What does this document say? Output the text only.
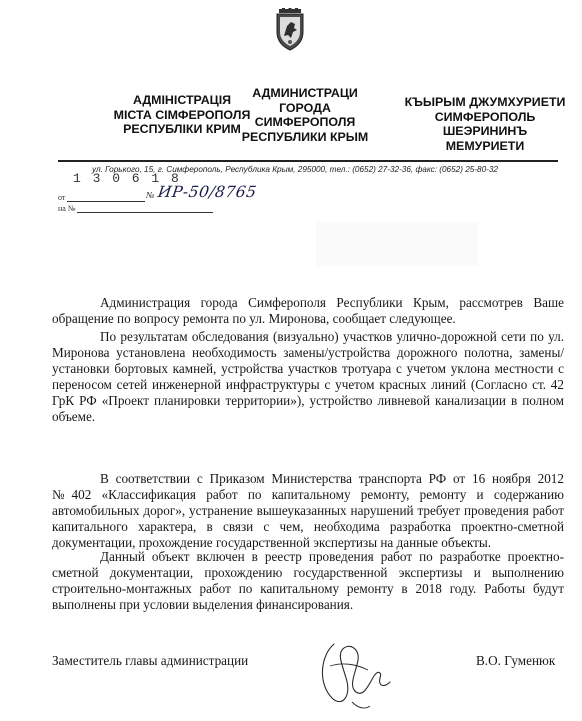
АДМІНІСТРАЦІЯ
МІСТА СІМФЕРОПОЛЯ
РЕСПУБЛІКИ КРИМ
АДМИНИСТРАЦИ
ГОРОДА
СИМФЕРОПОЛЯ
РЕСПУБЛИКИ КРЫМ
КЪЫРЫМ ДЖУМХУРИЕТИ
СИМФЕРОПОЛЬ
ШЕЭРИНИНЪ
МЕМУРИЕТИ
ул. Горького, 15, г. Симферополь, Республика Крым, 295000, тел.: (0652) 27-32-36, факс: (0652) 25-80-32
1 3 0 6 1 8
от	№ ИР-50/8765
на №

Администрация города Симферополя Республики Крым, рассмотрев Ваше обращение по вопросу ремонта по ул. Миронова, сообщает следующее.

По результатам обследования (визуально) участков улично-дорожной сети по ул. Миронова установлена необходимость замены/устройства дорожного полотна, замены/установки бортовых камней, устройства участков тротуара с учетом уклона местности с переносом сетей инженерной инфраструктуры с учетом красных линий (Согласно ст. 42 ГрК РФ «Проект планировки территории»), устройство ливневой канализации в полном объеме.

В соответствии с Приказом Министерства транспорта РФ от 16 ноября 2012 №402 «Классификация работ по капитальному ремонту, ремонту и содержанию автомобильных дорог», устранение вышеуказанных нарушений требует проведения работ капитального характера, в связи с чем, необходима разработка проектно-сметной документации, прохождение государственной экспертизы на данные объекты.

Данный объект включен в реестр проведения работ по разработке проектно-сметной документации, прохождению государственной экспертизы и выполнению строительно-монтажных работ по капитальному ремонту в 2018 году. Работы будут выполнены при условии выделения финансирования.

Заместитель главы администрации	В.О. Гуменюк
